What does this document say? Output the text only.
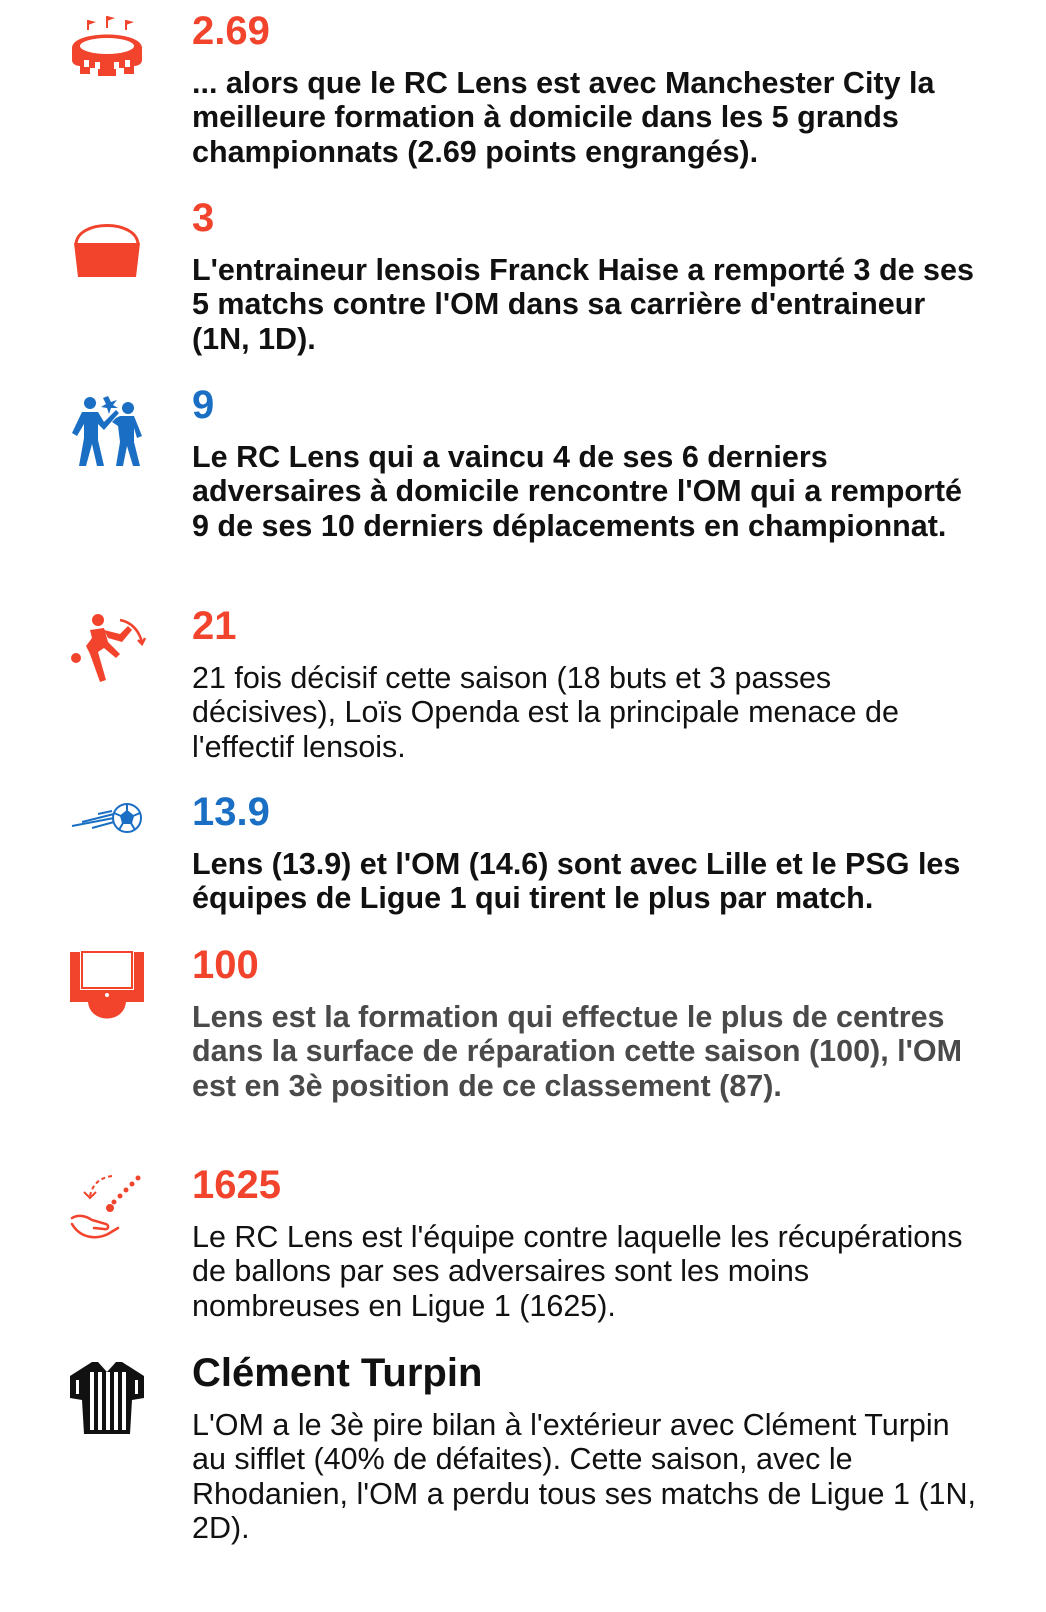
2.69

... alors que le RC Lens est avec Manchester City la meilleure formation à domicile dans les 5 grands championnats (2.69 points engrangés).

3

L'entraineur lensois Franck Haise a remporté 3 de ses 5 matchs contre l'OM dans sa carrière d'entraineur (1N, 1D).

9

Le RC Lens qui a vaincu 4 de ses 6 derniers adversaires à domicile rencontre l'OM qui a remporté 9 de ses 10 derniers déplacements en championnat.

21

21 fois décisif cette saison (18 buts et 3 passes décisives), Loïs Openda est la principale menace de l'effectif lensois.

13.9

Lens (13.9) et l'OM (14.6) sont avec Lille et le PSG les équipes de Ligue 1 qui tirent le plus par match.

100

Lens est la formation qui effectue le plus de centres dans la surface de réparation cette saison (100), l'OM est en 3è position de ce classement (87).

1625

Le RC Lens est l'équipe contre laquelle les récupérations de ballons par ses adversaires sont les moins nombreuses en Ligue 1 (1625).

Clément Turpin

L'OM a le 3è pire bilan à l'extérieur avec Clément Turpin au sifflet (40% de défaites). Cette saison, avec le Rhodanien, l'OM a perdu tous ses matchs de Ligue 1 (1N, 2D).
